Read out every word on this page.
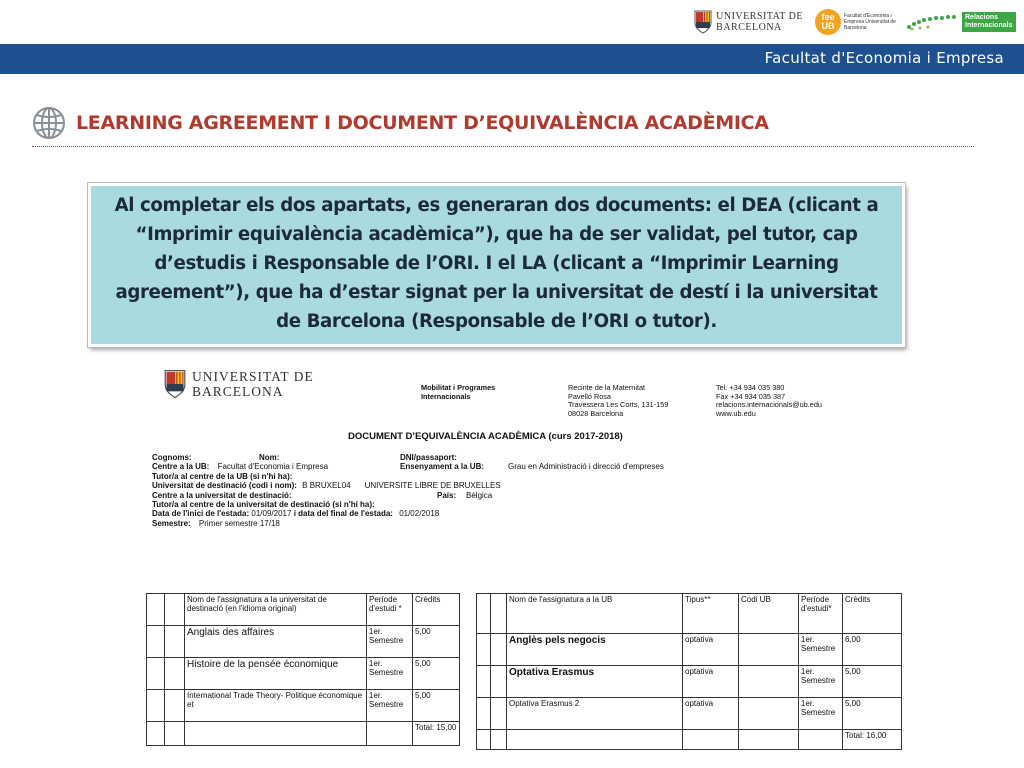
UNIVERSITAT DE
BARCELONA
fee UB
Facultat d'Economia i Empresa Universitat de Barcelona
Relacions Internacionals
Facultat d'Economia i Empresa
LEARNING AGREEMENT I DOCUMENT D’EQUIVALÈNCIA ACADÈMICA
Al completar els dos apartats, es generaran dos documents: el DEA (clicant a “Imprimir equivalència acadèmica”), que ha de ser validat, pel tutor, cap d’estudis i Responsable de l’ORI. I el LA (clicant a “Imprimir Learning agreement”), que ha d’estar signat per la universitat de destí i la universitat de Barcelona (Responsable de l’ORI o tutor).
UNIVERSITAT DE
BARCELONA	Mobilitat i Programes
Internacionals
Recinte de la Maternitat
Pavelló Rosa
Travessera Les Corts, 131-159
08028 Barcelona
Tel. +34 934 035 380
Fax +34 934 035 387
relacions.internacionals@ub.edu
www.ub.edu
DOCUMENT D’EQUIVALÈNCIA ACADÈMICA (curs 2017-2018)
Cognoms:	Nom:	DNI/passaport:
Centre a la UB: Facultat d'Economia i Empresa	Ensenyament a la UB:	Grau en Administració i direcció d'empreses
Tutor/a al centre de la UB (si n'hi ha):
Universitat de destinació (codi i nom): B BRUXEL04 UNIVERSITE LIBRE DE BRUXELLES
Centre a la universitat de destinació:	País: Bèlgica
Tutor/a al centre de la universitat de destinació (si n'hi ha):
Data de l'inici de l'estada: 01/09/2017 i data del final de l'estada: 01/02/2018
Semestre: Primer semestre 17/18
		Nom de l'assignatura a la universitat de destinació (en l'idioma original)	Període d'estudi *	Crèdits
		Anglais des affaires	1er. Semestre	5,00
		Histoire de la pensée économique	1er. Semestre	5,00
		International Trade Theory- Politique économique et	1er. Semestre	5,00
				Total: 15,00
		Nom de l'assignatura a la UB	Tipus**	Codi UB	Període d'estudi*	Crèdits
		Anglès pels negocis	optativa		1er. Semestre	6,00
		Optativa Erasmus	optativa		1er. Semestre	5,00
		Optativa Erasmus 2	optativa		1er. Semestre	5,00
						Total: 16,00
